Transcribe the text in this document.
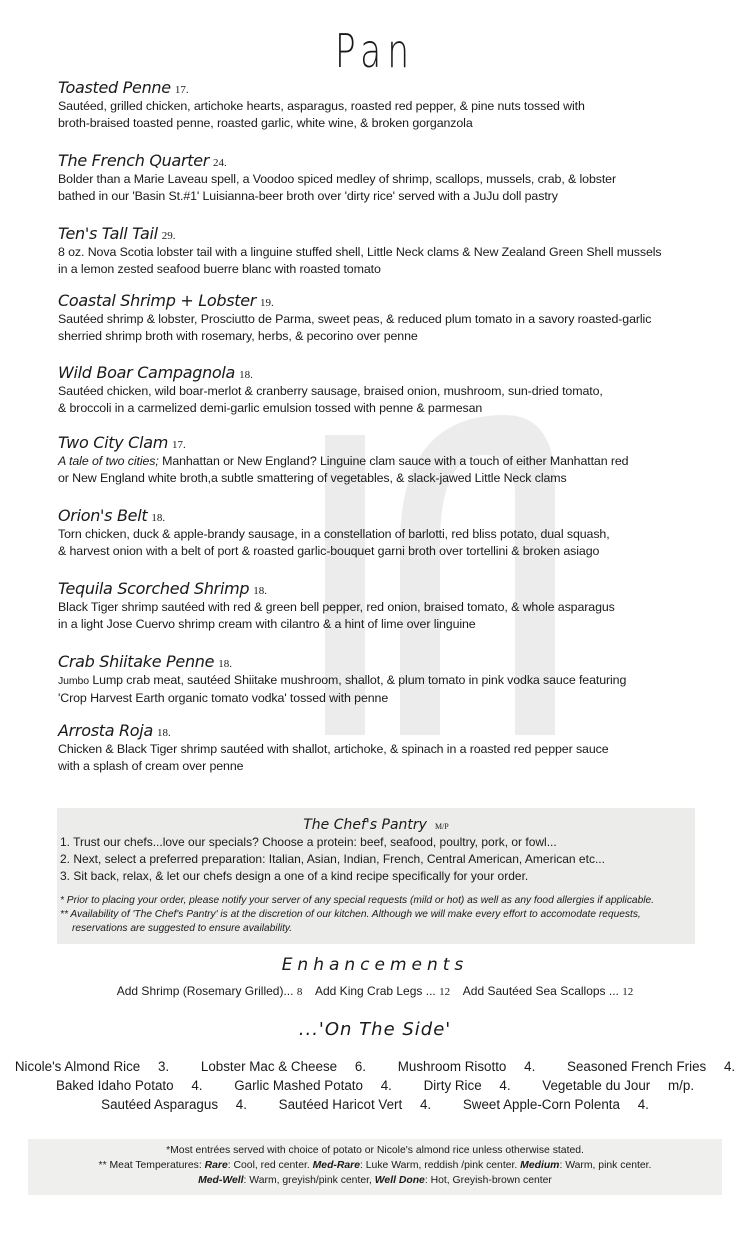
Pan
Toasted Penne 17.
Sautéed, grilled chicken, artichoke hearts, asparagus, roasted red pepper, & pine nuts tossed with
broth-braised toasted penne, roasted garlic, white wine, & broken gorganzola
The French Quarter 24.
Bolder than a Marie Laveau spell, a Voodoo spiced medley of shrimp, scallops, mussels, crab, & lobster
bathed in our 'Basin St.#1' Luisianna-beer broth over 'dirty rice' served with a JuJu doll pastry
Ten's Tall Tail 29.
8 oz. Nova Scotia lobster tail with a linguine stuffed shell, Little Neck clams & New Zealand Green Shell mussels
in a lemon zested seafood buerre blanc with roasted tomato
Coastal Shrimp + Lobster 19.
Sautéed shrimp & lobster, Prosciutto de Parma, sweet peas, & reduced plum tomato in a savory roasted-garlic
sherried shrimp broth with rosemary, herbs, & pecorino over penne
Wild Boar Campagnola 18.
Sautéed chicken, wild boar-merlot & cranberry sausage, braised onion, mushroom, sun-dried tomato,
& broccoli in a carmelized demi-garlic emulsion tossed with penne & parmesan
Two City Clam 17.
A tale of two cities; Manhattan or New England? Linguine clam sauce with a touch of either Manhattan red
or New England white broth,a subtle smattering of vegetables, & slack-jawed Little Neck clams
Orion's Belt 18.
Torn chicken, duck & apple-brandy sausage, in a constellation of barlotti, red bliss potato, dual squash,
& harvest onion with a belt of port & roasted garlic-bouquet garni broth over tortellini & broken asiago
Tequila Scorched Shrimp 18.
Black Tiger shrimp sautéed with red & green bell pepper, red onion, braised tomato, & whole asparagus
in a light Jose Cuervo shrimp cream with cilantro & a hint of lime over linguine
Crab Shiitake Penne 18.
Jumbo Lump crab meat, sautéed Shiitake mushroom, shallot, & plum tomato in pink vodka sauce featuring
'Crop Harvest Earth organic tomato vodka' tossed with penne
Arrosta Roja 18.
Chicken & Black Tiger shrimp sautéed with shallot, artichoke, & spinach in a roasted red pepper sauce
with a splash of cream over penne
The Chef's Pantry M/P
1. Trust our chefs...love our specials? Choose a protein: beef, seafood, poultry, pork, or fowl...
2. Next, select a preferred preparation: Italian, Asian, Indian, French, Central American, American etc...
3. Sit back, relax, & let our chefs design a one of a kind recipe specifically for your order.
* Prior to placing your order, please notify your server of any special requests (mild or hot) as well as any food allergies if applicable.
** Availability of 'The Chef's Pantry' is at the discretion of our kitchen. Although we will make every effort to accomodate requests,
reservations are suggested to ensure availability.
Enhancements
Add Shrimp (Rosemary Grilled)... 8 Add King Crab Legs ... 12 Add Sautéed Sea Scallops ... 12
...'On The Side'
Nicole's Almond Rice 3. Lobster Mac & Cheese 6. Mushroom Risotto 4. Seasoned French Fries 4.
Baked Idaho Potato 4. Garlic Mashed Potato 4. Dirty Rice 4. Vegetable du Jour m/p.
Sautéed Asparagus 4. Sautéed Haricot Vert 4. Sweet Apple-Corn Polenta 4.
*Most entrées served with choice of potato or Nicole's almond rice unless otherwise stated.
** Meat Temperatures: Rare: Cool, red center. Med-Rare: Luke Warm, reddish /pink center. Medium: Warm, pink center.
Med-Well: Warm, greyish/pink center, Well Done: Hot, Greyish-brown center
